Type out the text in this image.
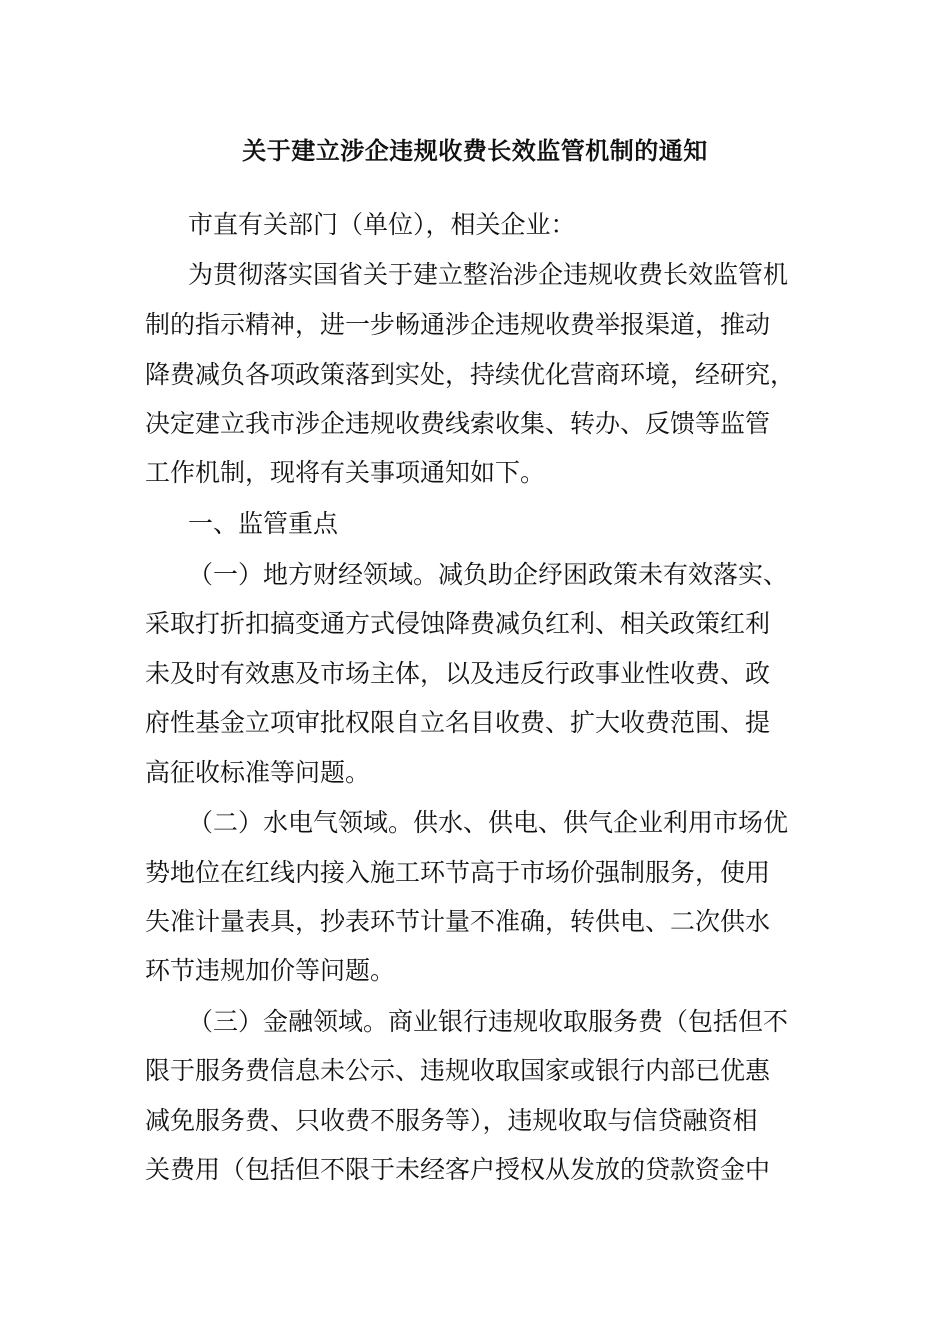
关于建立涉企违规收费长效监管机制的通知

市直有关部门（单位），相关企业：

为贯彻落实国省关于建立整治涉企违规收费长效监管机

制的指示精神，进一步畅通涉企违规收费举报渠道，推动

降费减负各项政策落到实处，持续优化营商环境，经研究，

决定建立我市涉企违规收费线索收集、转办、反馈等监管

工作机制，现将有关事项通知如下。

一、监管重点

（一）地方财经领域。减负助企纾困政策未有效落实、

采取打折扣搞变通方式侵蚀降费减负红利、相关政策红利

未及时有效惠及市场主体，以及违反行政事业性收费、政

府性基金立项审批权限自立名目收费、扩大收费范围、提

高征收标准等问题。

（二）水电气领域。供水、供电、供气企业利用市场优

势地位在红线内接入施工环节高于市场价强制服务，使用

失准计量表具，抄表环节计量不准确，转供电、二次供水

环节违规加价等问题。

（三）金融领域。商业银行违规收取服务费（包括但不

限于服务费信息未公示、违规收取国家或银行内部已优惠

减免服务费、只收费不服务等），违规收取与信贷融资相

关费用（包括但不限于未经客户授权从发放的贷款资金中
